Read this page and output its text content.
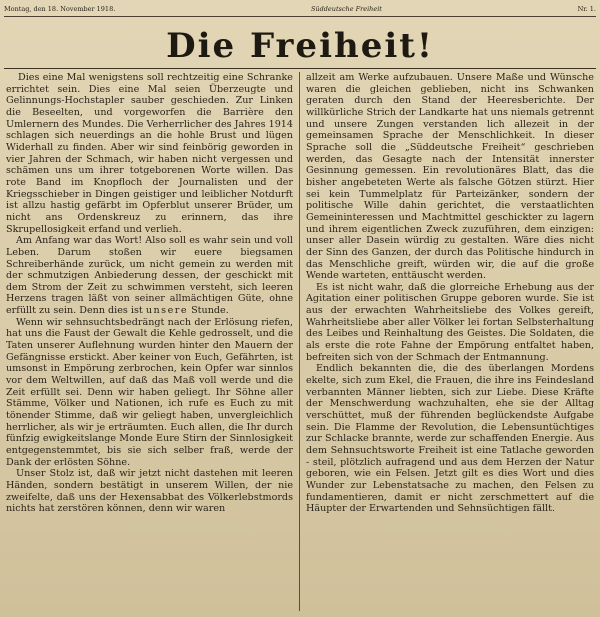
Montag, den 18. November 1918.	Süddeutsche Freiheit	Nr. 1.
Die Freiheit!

Dies eine Mal wenigstens soll rechtzeitig eine Schranke errichtet sein. Dies eine Mal seien Überzeugte und Gelinnungs-Hochstapler sauber geschieden. Zur Linken die Beseelten, und vorgeworfen die Barrière den Umlernern des Mundes. Die Verherrlicher des Jahres 1914 schlagen sich neuerdings an die hohle Brust und lügen Widerhall zu finden. Aber wir sind feinbörig geworden in vier Jahren der Schmach, wir haben nicht vergessen und schämen uns um ihrer totgeborenen Worte willen. Das rote Band im Knopfloch der Journalisten und der Kriegsschieber in Dingen geistiger und leiblicher Notdurft ist allzu hastig gefärbt im Opferblut unserer Brüder, um nicht ans Ordenskreuz zu erinnern, das ihre Skrupellosigkeit erfand und verlieh.

Am Anfang war das Wort! Also soll es wahr sein und voll Leben. Darum stoßen wir euere biegsamen Schreiberhände zurück, um nicht gemein zu werden mit der schmutzigen Anbiederung dessen, der geschickt mit dem Strom der Zeit zu schwimmen versteht, sich leeren Herzens tragen läßt von seiner allmächtigen Güte, ohne erfüllt zu sein. Denn dies ist unsere Stunde.

Wenn wir sehnsuchtsbedrängt nach der Erlösung riefen, hat uns die Faust der Gewalt die Kehle gedrosselt, und die Taten unserer Auflehnung wurden hinter den Mauern der Gefängnisse erstickt. Aber keiner von Euch, Gefährten, ist umsonst in Empörung zerbrochen, kein Opfer war sinnlos vor dem Weltwillen, auf daß das Maß voll werde und die Zeit erfüllt sei. Denn wir haben geliegt. Ihr Söhne aller Stämme, Völker und Nationen, ich rufe es Euch zu mit tönender Stimme, daß wir geliegt haben, unvergleichlich herrlicher, als wir je erträumten. Euch allen, die Ihr durch fünfzig ewigkeitslange Monde Eure Stirn der Sinnlosigkeit entgegenstemmtet, bis sie sich selber fraß, werde der Dank der erlösten Söhne.

Unser Stolz ist, daß wir jetzt nicht dastehen mit leeren Händen, sondern bestätigt in unserem Willen, der nie zweifelte, daß uns der Hexensabbat des Völkerlebstmords nichts hat zerstören können, denn wir waren

allzeit am Werke aufzubauen. Unsere Maße und Wünsche waren die gleichen geblieben, nicht ins Schwanken geraten durch den Stand der Heeresberichte. Der willkürliche Strich der Landkarte hat uns niemals getrennt und unsere Zungen verstanden lich allezeit in der gemeinsamen Sprache der Menschlichkeit. In dieser Sprache soll die „Süddeutsche Freiheit“ geschrieben werden, das Gesagte nach der Intensität innerster Gesinnung gemessen. Ein revolutionäres Blatt, das die bisher angebeteten Werte als falsche Götzen stürzt. Hier sei kein Tummelplatz für Parteizänker, sondern der politische Wille dahin gerichtet, die verstaatlichten Gemeininteressen und Machtmittel geschickter zu lagern und ihrem eigentlichen Zweck zuzuführen, dem einzigen: unser aller Dasein würdig zu gestalten. Wäre dies nicht der Sinn des Ganzen, der durch das Politische hindurch in das Menschliche greift, würden wir, die auf die große Wende warteten, enttäuscht werden.

Es ist nicht wahr, daß die glorreiche Erhebung aus der Agitation einer politischen Gruppe geboren wurde. Sie ist aus der erwachten Wahrheitsliebe des Volkes gereift, Wahrheitsliebe aber aller Völker lei fortan Selbsterhaltung des Leibes und Reinhaltung des Geistes. Die Soldaten, die als erste die rote Fahne der Empörung entfaltet haben, befreiten sich von der Schmach der Entmannung.

Endlich bekannten die, die des überlangen Mordens ekelte, sich zum Ekel, die Frauen, die ihre ins Feindesland verbannten Männer liebten, sich zur Liebe. Diese Kräfte der Menschwerdung wachzuhalten, ehe sie der Alltag verschüttet, muß der führenden beglückendste Aufgabe sein. Die Flamme der Revolution, die Lebensuntüchtiges zur Schlacke brannte, werde zur schaffenden Energie. Aus dem Sehnsuchtsworte Freiheit ist eine Tatlache geworden - steil, plötzlich aufragend und aus dem Herzen der Natur geboren, wie ein Felsen. Jetzt gilt es dies Wort und dies Wunder zur Lebenstatsache zu machen, den Felsen zu fundamentieren, damit er nicht zerschmettert auf die Häupter der Erwartenden und Sehnsüchtigen fällt.
